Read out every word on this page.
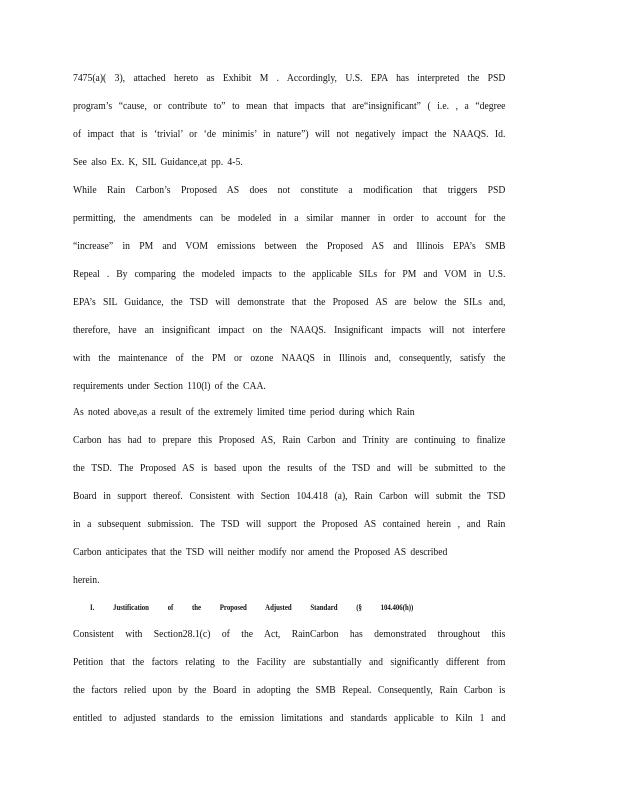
7475(a)( 3), attached hereto as Exhibit M . Accordingly, U.S. EPA has interpreted the PSD
program’s “cause, or contribute to” to mean that impacts that are“insignificant” ( i.e. , a “degree
of impact that is ‘trivial’ or ‘de minimis’ in nature”) will not negatively impact the NAAQS. Id.
See also Ex. K, SIL Guidance,at pp. 4-5.
While Rain Carbon’s Proposed AS does not constitute a modification that triggers PSD
permitting, the amendments can be modeled in a similar manner in order to account for the
“increase” in PM and VOM emissions between the Proposed AS and Illinois EPA’s SMB
Repeal . By comparing the modeled impacts to the applicable SILs for PM and VOM in U.S.
EPA’s SIL Guidance, the TSD will demonstrate that the Proposed AS are below the SILs and,
therefore, have an insignificant impact on the NAAQS. Insignificant impacts will not interfere
with the maintenance of the PM or ozone NAAQS in Illinois and, consequently, satisfy the
requirements under Section 110(l) of the CAA.
As noted above,as a result of the extremely limited time period during which Rain
Carbon has had to prepare this Proposed AS, Rain Carbon and Trinity are continuing to finalize
the TSD. The Proposed AS is based upon the results of the TSD and will be submitted to the
Board in support thereof. Consistent with Section 104.418 (a), Rain Carbon will submit the TSD
in a subsequent submission. The TSD will support the Proposed AS contained herein , and Rain
Carbon anticipates that the TSD will neither modify nor amend the Proposed AS described
herein.
I. Justification of the Proposed Adjusted Standard (§ 104.406(h))
Consistent with Section28.1(c) of the Act, RainCarbon has demonstrated throughout this
Petition that the factors relating to the Facility are substantially and significantly different from
the factors relied upon by the Board in adopting the SMB Repeal. Consequently, Rain Carbon is
entitled to adjusted standards to the emission limitations and standards applicable to Kiln 1 and
